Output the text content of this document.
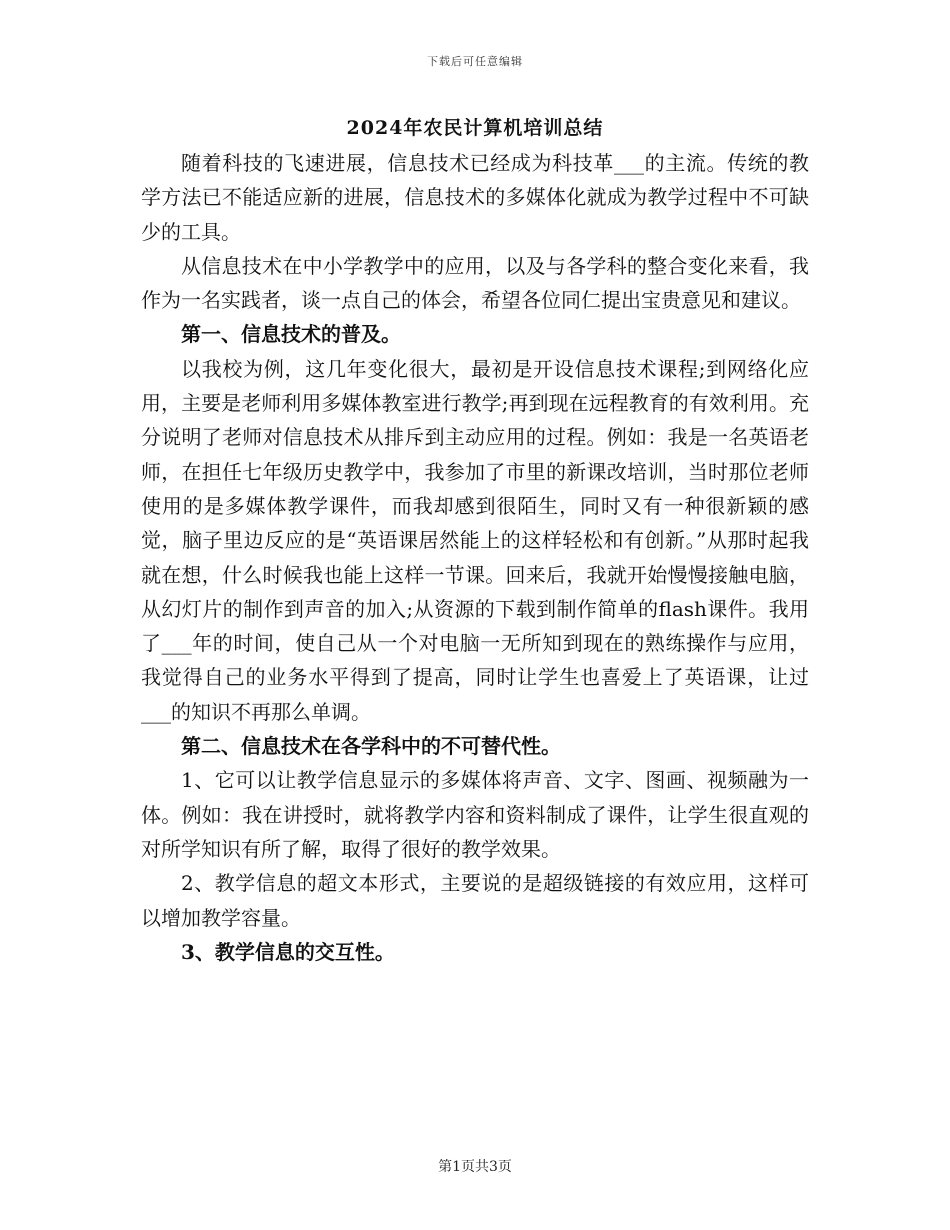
下载后可任意编辑
2024年农民计算机培训总结

随着科技的飞速进展，信息技术已经成为科技革___的主流。传统的教学方法已不能适应新的进展，信息技术的多媒体化就成为教学过程中不可缺少的工具。

从信息技术在中小学教学中的应用，以及与各学科的整合变化来看，我作为一名实践者，谈一点自己的体会，希望各位同仁提出宝贵意见和建议。

第一、信息技术的普及。

以我校为例，这几年变化很大，最初是开设信息技术课程;到网络化应用，主要是老师利用多媒体教室进行教学;再到现在远程教育的有效利用。充分说明了老师对信息技术从排斥到主动应用的过程。例如：我是一名英语老师，在担任七年级历史教学中，我参加了市里的新课改培训，当时那位老师使用的是多媒体教学课件，而我却感到很陌生，同时又有一种很新颖的感觉，脑子里边反应的是“英语课居然能上的这样轻松和有创新。”从那时起我就在想，什么时候我也能上这样一节课。回来后，我就开始慢慢接触电脑，从幻灯片的制作到声音的加入;从资源的下载到制作简单的flash课件。我用了___年的时间，使自己从一个对电脑一无所知到现在的熟练操作与应用，我觉得自己的业务水平得到了提高，同时让学生也喜爱上了英语课，让过___的知识不再那么单调。

第二、信息技术在各学科中的不可替代性。

1、它可以让教学信息显示的多媒体将声音、文字、图画、视频融为一体。例如：我在讲授时，就将教学内容和资料制成了课件，让学生很直观的对所学知识有所了解，取得了很好的教学效果。

2、教学信息的超文本形式，主要说的是超级链接的有效应用，这样可以增加教学容量。

3、教学信息的交互性。

第1页共3页
